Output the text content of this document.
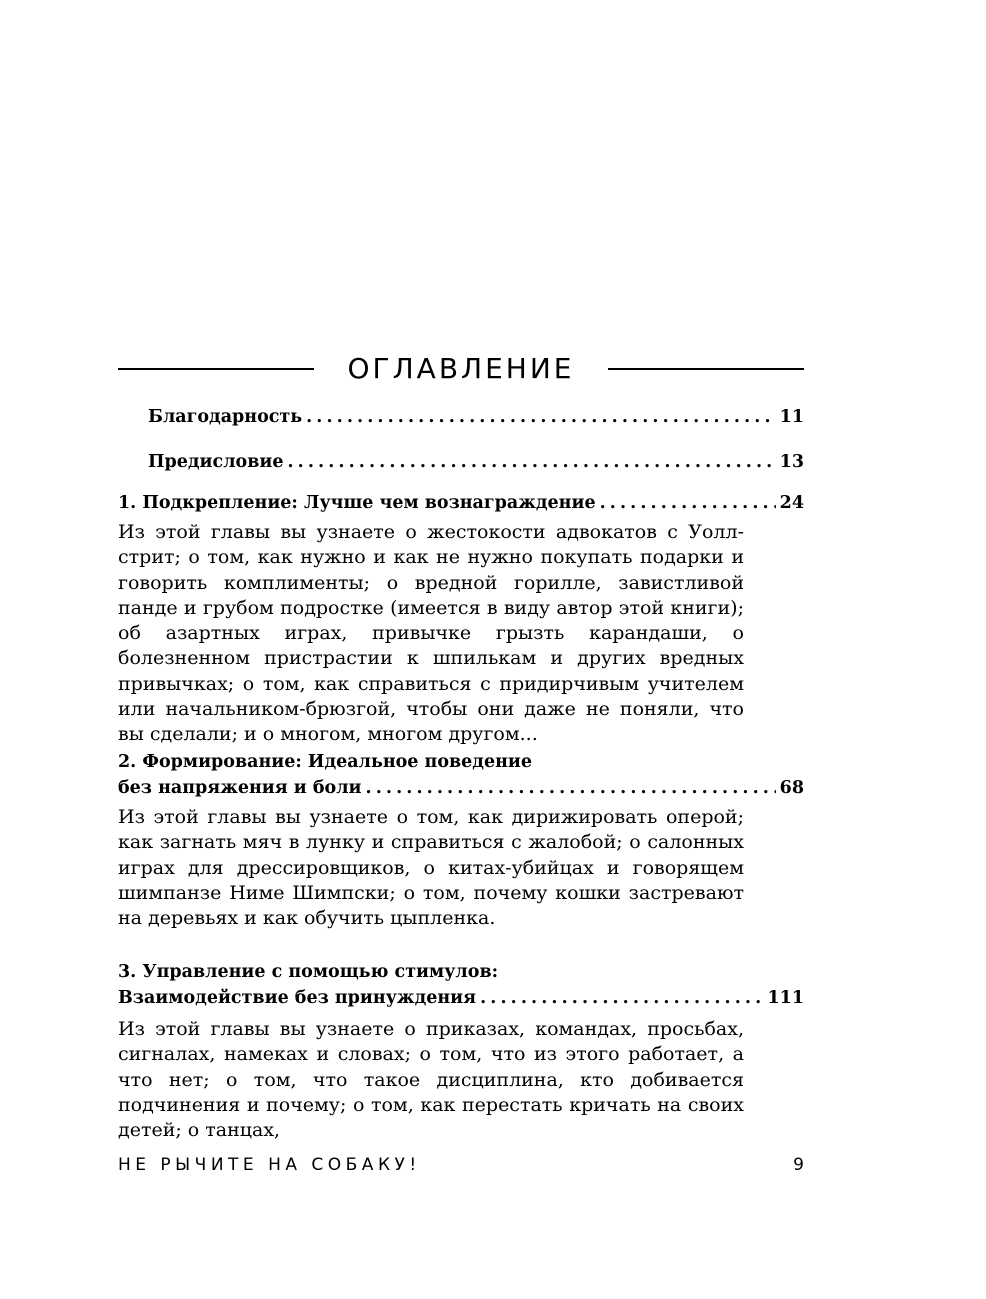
ОГЛАВЛЕНИЕ
Благодарность . . .	11
Предисловие . . .	13
1. Подкрепление: Лучше чем вознаграждение . . .	24

Из этой главы вы узнаете о жестокости адвокатов с Уолл-стрит; о том, как нужно и как не нужно покупать подарки и говорить комплименты; о вредной горилле, завистливой панде и грубом подростке (имеется в виду автор этой книги); об азартных играх, привычке грызть карандаши, о болезненном пристрастии к шпилькам и других вредных привычках; о том, как справиться с придирчивым учителем или начальником-брюзгой, чтобы они даже не поняли, что вы сделали; и о многом, многом другом...

2. Формирование: Идеальное поведение
без напряжения и боли . . .	68

Из этой главы вы узнаете о том, как дирижировать оперой; как загнать мяч в лунку и справиться с жалобой; о салонных играх для дрессировщиков, о китах-убийцах и говорящем шимпанзе Ниме Шимпски; о том, почему кошки застревают на деревьях и как обучить цыпленка.

3. Управление с помощью стимулов:
Взаимодействие без принуждения . . .	111

Из этой главы вы узнаете о приказах, командах, просьбах, сигналах, намеках и словах; о том, что из этого работает, а что нет; о том, что такое дисциплина, кто добивается подчинения и почему; о том, как перестать кричать на своих детей; о танцах,

НЕ РЫЧИТЕ НА СОБАКУ!	9
